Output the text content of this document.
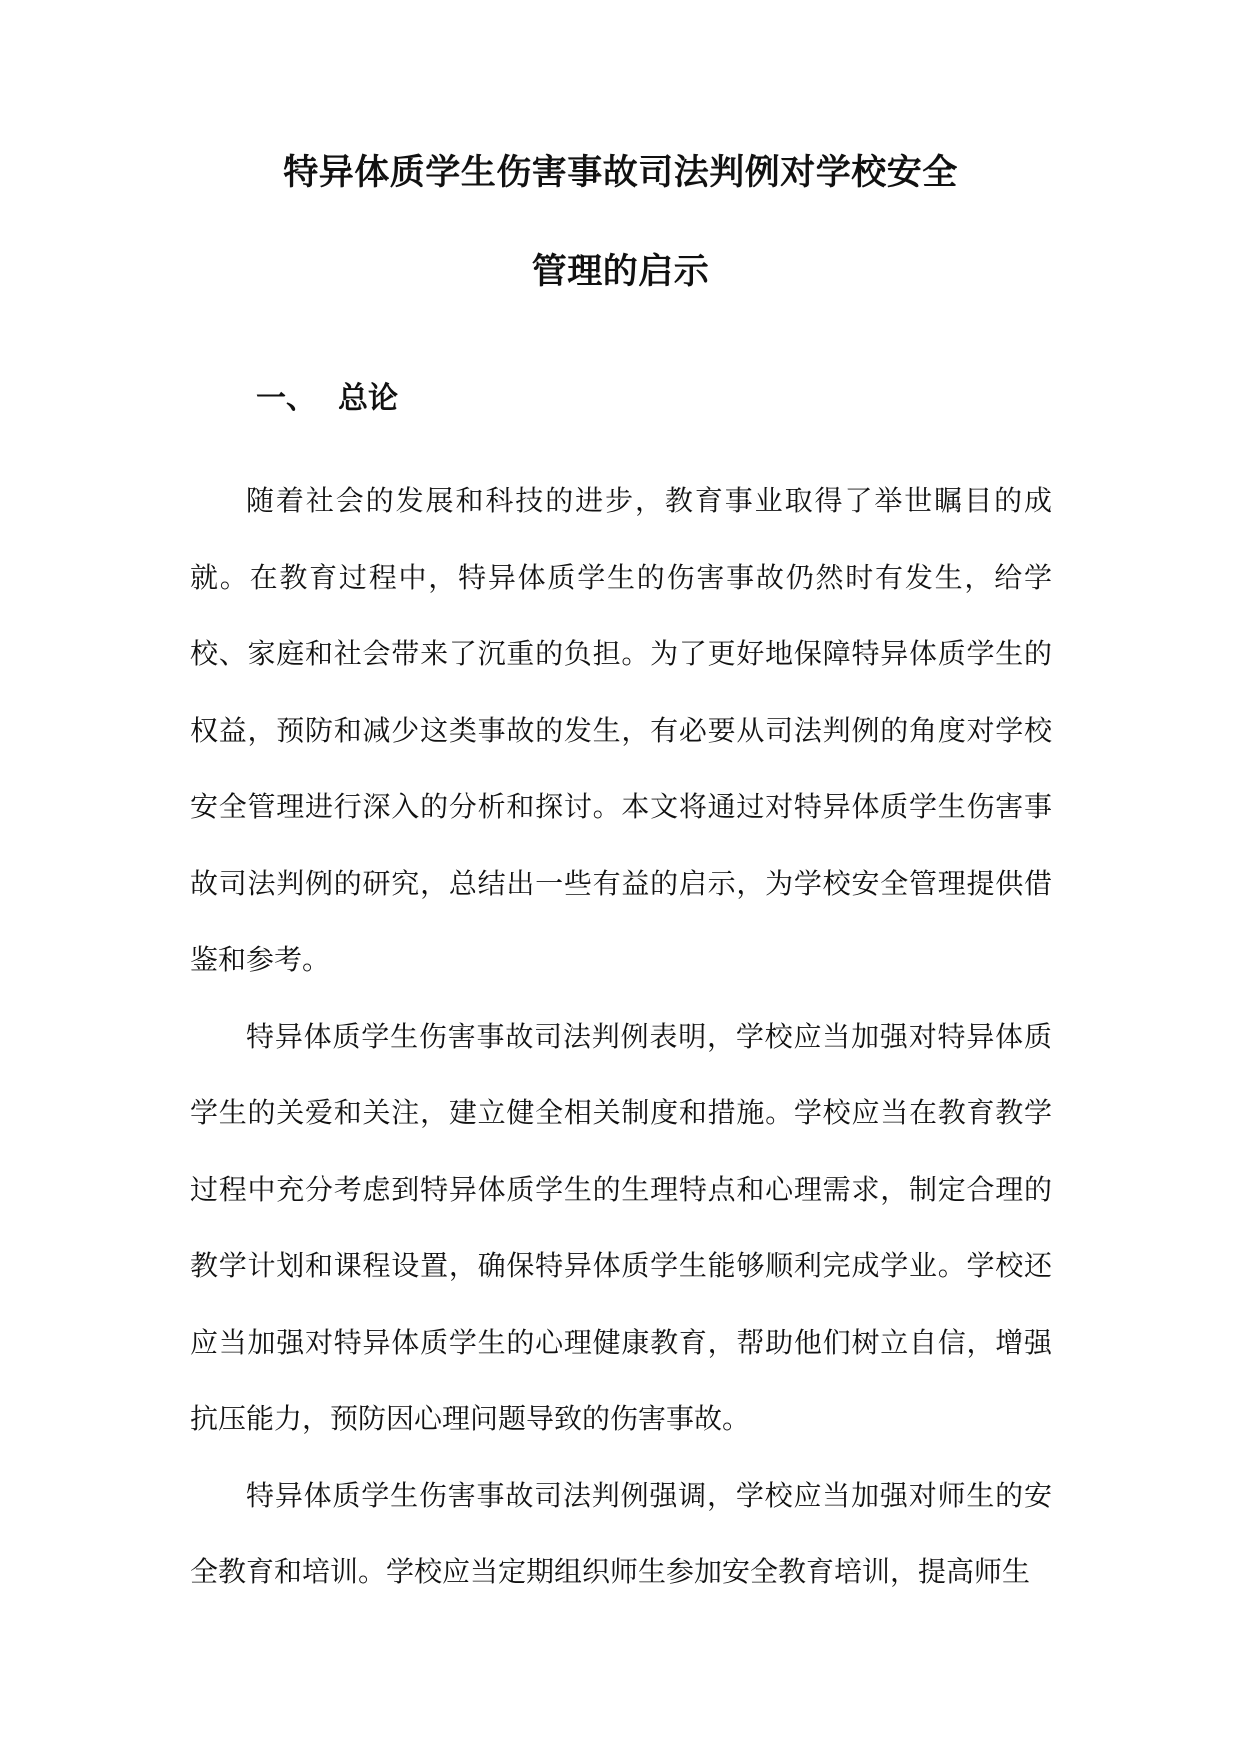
特异体质学生伤害事故司法判例对学校安全
管理的启示
一、 总论

随着社会的发展和科技的进步，教育事业取得了举世瞩目的成就。在教育过程中，特异体质学生的伤害事故仍然时有发生，给学校、家庭和社会带来了沉重的负担。为了更好地保障特异体质学生的权益，预防和减少这类事故的发生，有必要从司法判例的角度对学校安全管理进行深入的分析和探讨。本文将通过对特异体质学生伤害事故司法判例的研究，总结出一些有益的启示，为学校安全管理提供借鉴和参考。

特异体质学生伤害事故司法判例表明，学校应当加强对特异体质学生的关爱和关注，建立健全相关制度和措施。学校应当在教育教学过程中充分考虑到特异体质学生的生理特点和心理需求，制定合理的教学计划和课程设置，确保特异体质学生能够顺利完成学业。学校还应当加强对特异体质学生的心理健康教育，帮助他们树立自信，增强抗压能力，预防因心理问题导致的伤害事故。

特异体质学生伤害事故司法判例强调，学校应当加强对师生的安全教育和培训。学校应当定期组织师生参加安全教育培训，提高师生
